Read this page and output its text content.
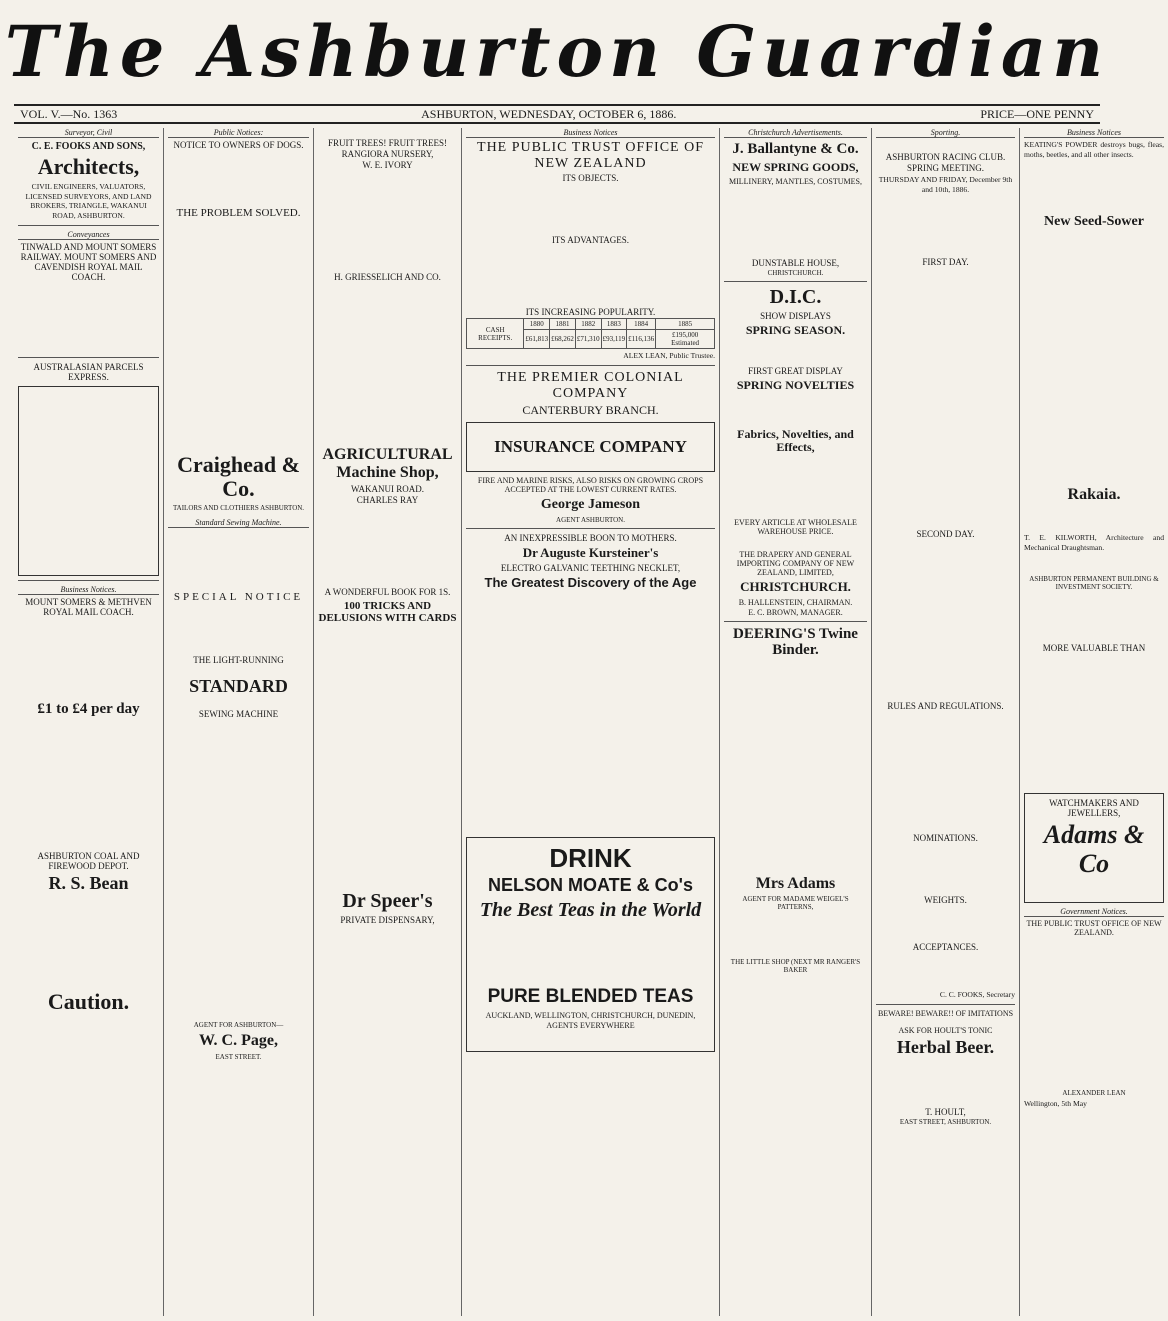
The Ashburton Guardian
VOL. V.—No. 1363	ASHBURTON, WEDNESDAY, OCTOBER 6, 1886.	PRICE—ONE PENNY
Surveyor, Civil
C. E. FOOKS AND SONS,
Architects,
CIVIL ENGINEERS, VALUATORS, LICENSED SURVEYORS, AND LAND BROKERS, TRIANGLE, WAKANUI ROAD, ASHBURTON.
Conveyances
TINWALD AND MOUNT SOMERS RAILWAY. MOUNT SOMERS AND CAVENDISH ROYAL MAIL COACH.
AUSTRALASIAN PARCELS EXPRESS.
Business Notices.
MOUNT SOMERS & METHVEN ROYAL MAIL COACH.
£1 to £4 per day
ASHBURTON COAL AND FIREWOOD DEPOT.
R. S. Bean
Caution.
Public Notices:
NOTICE TO OWNERS OF DOGS.
THE PROBLEM SOLVED.
Craighead & Co.
TAILORS AND CLOTHIERS ASHBURTON.
Standard Sewing Machine.
SPECIAL NOTICE
THE LIGHT-RUNNING
STANDARD
SEWING MACHINE
AGENT FOR ASHBURTON—
W. C. Page,
EAST STREET.
FRUIT TREES! FRUIT TREES!
RANGIORA NURSERY,
W. E. IVORY
H. GRIESSELICH AND CO.
AGRICULTURAL Machine Shop,
WAKANUI ROAD.
CHARLES RAY
A WONDERFUL BOOK FOR 1S.
100 TRICKS AND DELUSIONS WITH CARDS
Dr Speer's
PRIVATE DISPENSARY,
Business Notices
THE PUBLIC TRUST OFFICE OF NEW ZEALAND
ITS OBJECTS.
ITS ADVANTAGES.
ITS INCREASING POPULARITY.
CASH RECEIPTS.	1880	1881	1882	1883	1884	1885
	£61,813	£68,262	£71,310	£93,119	£116,136	£195,000 Estimated
ALEX LEAN, Public Trustee.
THE PREMIER COLONIAL COMPANY
CANTERBURY BRANCH.
INSURANCE COMPANY
FIRE AND MARINE RISKS, ALSO RISKS ON GROWING CROPS ACCEPTED AT THE LOWEST CURRENT RATES.
George Jameson
AGENT ASHBURTON.
AN INEXPRESSIBLE BOON TO MOTHERS.
Dr Auguste Kursteiner's
ELECTRO GALVANIC TEETHING NECKLET,
The Greatest Discovery of the Age
DRINK
NELSON MOATE & Co's
The Best Teas in the World
PURE BLENDED TEAS
AUCKLAND, WELLINGTON, CHRISTCHURCH, DUNEDIN,
AGENTS EVERYWHERE
Christchurch Advertisements.
J. Ballantyne & Co.
NEW SPRING GOODS,
MILLINERY, MANTLES, COSTUMES,
DUNSTABLE HOUSE,
CHRISTCHURCH.
D.I.C.
SHOW DISPLAYS
SPRING SEASON.
FIRST GREAT DISPLAY
SPRING NOVELTIES
Fabrics, Novelties, and Effects,
EVERY ARTICLE AT WHOLESALE WAREHOUSE PRICE.
THE DRAPERY AND GENERAL IMPORTING COMPANY OF NEW ZEALAND, LIMITED,
CHRISTCHURCH.
B. HALLENSTEIN, CHAIRMAN.
E. C. BROWN, MANAGER.
DEERING'S Twine Binder.
Mrs Adams
AGENT FOR MADAME WEIGEL'S PATTERNS,
THE LITTLE SHOP (NEXT MR RANGER'S BAKER
Sporting.
ASHBURTON RACING CLUB.
SPRING MEETING.
THURSDAY AND FRIDAY, December 9th and 10th, 1886.
FIRST DAY.
SECOND DAY.
RULES AND REGULATIONS.
NOMINATIONS.
WEIGHTS.
ACCEPTANCES.
C. C. FOOKS, Secretary
BEWARE! BEWARE!! OF IMITATIONS
ASK FOR HOULT'S TONIC
Herbal Beer.
T. HOULT,
EAST STREET, ASHBURTON.
Business Notices
KEATING'S POWDER destroys bugs, fleas, moths, beetles, and all other insects.
New Seed-Sower
Rakaia.
T. E. KILWORTH, Architecture and Mechanical Draughtsman.
ASHBURTON PERMANENT BUILDING & INVESTMENT SOCIETY.
MORE VALUABLE THAN
WATCHMAKERS AND JEWELLERS,
Adams & Co
Government Notices.
THE PUBLIC TRUST OFFICE OF NEW ZEALAND.
ALEXANDER LEAN
Wellington, 5th May
